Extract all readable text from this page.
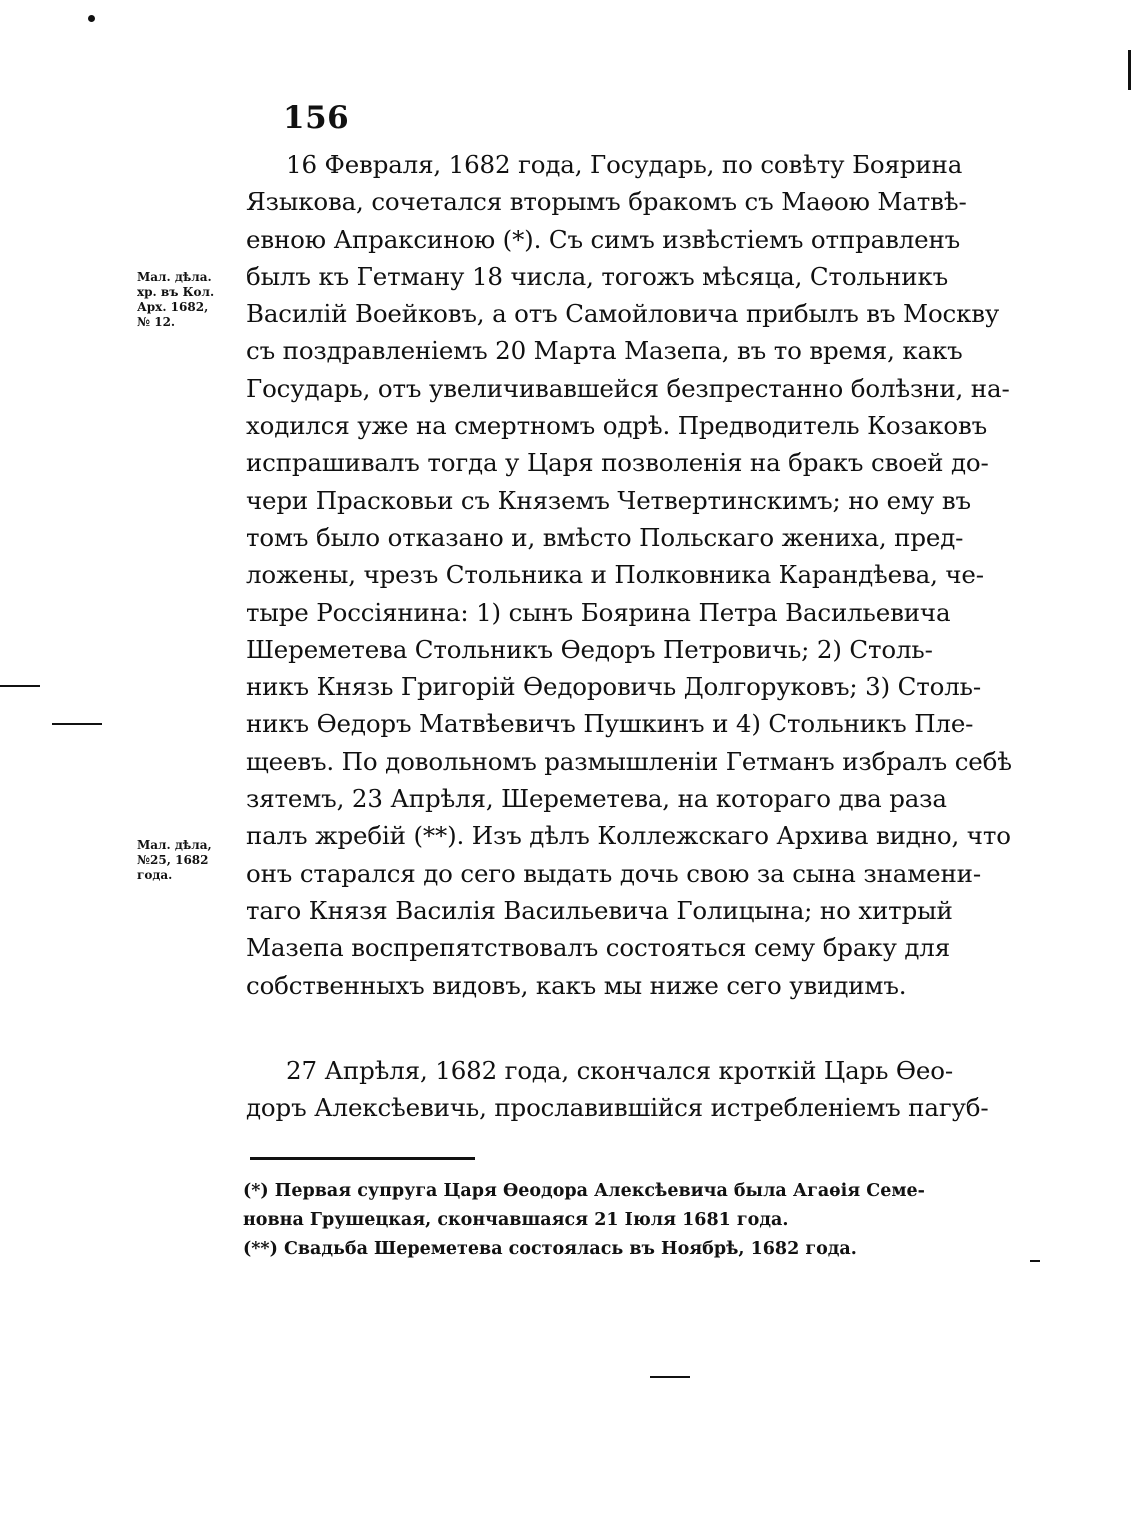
156
16 Февраля, 1682 года, Государь, по совѣту Боярина
Языкова, сочетался вторымъ бракомъ съ Маѳою Матвѣ-
евною Апраксиною (*). Съ симъ извѣстіемъ отправленъ
былъ къ Гетману 18 числа, тогожъ мѣсяца, Стольникъ
Василій Воейковъ, а отъ Самойловича прибылъ въ Москву
съ поздравленіемъ 20 Марта Мазепа, въ то время, какъ
Государь, отъ увеличивавшейся безпрестанно болѣзни, на-
ходился уже на смертномъ одрѣ. Предводитель Козаковъ
испрашивалъ тогда у Царя позволенія на бракъ своей до-
чери Прасковьи съ Княземъ Четвертинскимъ; но ему въ
томъ было отказано и, вмѣсто Польскаго жениха, пред-
ложены, чрезъ Стольника и Полковника Карандѣева, че-
тыре Россіянина: 1) сынъ Боярина Петра Васильевича
Шереметева Стольникъ Ѳедоръ Петровичь; 2) Столь-
никъ Князь Григорій Ѳедоровичь Долгоруковъ; 3) Столь-
никъ Ѳедоръ Матвѣевичъ Пушкинъ и 4) Стольникъ Пле-
щеевъ. По довольномъ размышленіи Гетманъ избралъ себѣ
зятемъ, 23 Апрѣля, Шереметева, на котораго два раза
палъ жребій (**). Изъ дѣлъ Коллежскаго Архива видно, что
онъ старался до сего выдать дочь свою за сына знамени-
таго Князя Василія Васильевича Голицына; но хитрый
Мазепа воспрепятствовалъ состояться сему браку для
собственныхъ видовъ, какъ мы ниже сего увидимъ.
Мал. дѣла.
хр. въ Кол.
Арх. 1682,
№ 12.
Мал. дѣла,
№25, 1682
года.
27 Апрѣля, 1682 года, скончался кроткій Царь Ѳео-
доръ Алексѣевичь, прославившійся истребленіемъ пагуб-
(*) Первая супруга Царя Ѳеодора Алексѣевича была Агаѳія Семе-
новна Грушецкая, скончавшаяся 21 Іюля 1681 года.
(**) Свадьба Шереметева состоялась въ Ноябрѣ, 1682 года.
